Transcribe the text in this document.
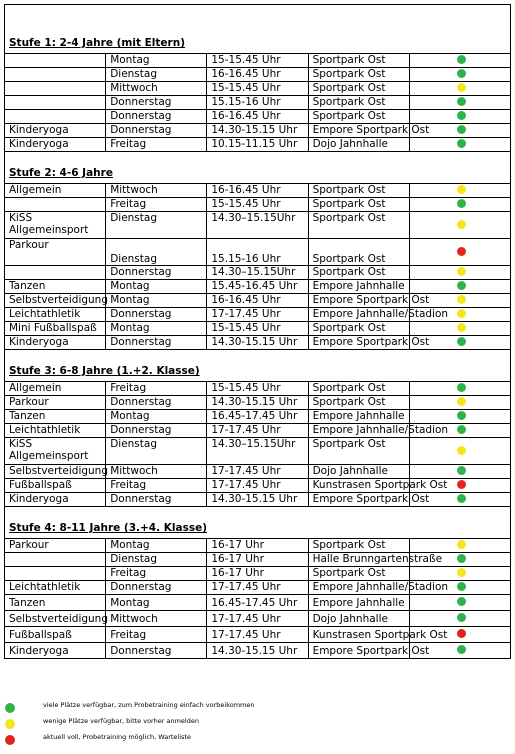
Stufe 1: 2-4 Jahre (mit Eltern)				

	Montag	15-15.45 Uhr	Sportpark Ost	
	Dienstag	16-16.45 Uhr	Sportpark Ost	
	Mittwoch	15-15.45 Uhr	Sportpark Ost	
	Donnerstag	15.15-16 Uhr	Sportpark Ost	
	Donnerstag	16-16.45 Uhr	Sportpark Ost	
Kinderyoga	Donnerstag	14.30-15.15 Uhr	Empore Sportpark Ost	
Kinderyoga	Freitag	10.15-11.15 Uhr	Dojo Jahnhalle	

Stufe 2: 4-6 Jahre				

Allgemein	Mittwoch	16-16.45 Uhr	Sportpark Ost	
	Freitag	15-15.45 Uhr	Sportpark Ost	
KiSS Allgemeinsport	Dienstag	14.30–15.15Uhr	Sportpark Ost	
Parkour	Dienstag	15.15-16 Uhr	Sportpark Ost	
	Donnerstag	14.30–15.15Uhr	Sportpark Ost	
Tanzen	Montag	15.45-16.45 Uhr	Empore Jahnhalle	
Selbstverteidigung	Montag	16-16.45 Uhr	Empore Sportpark Ost	
Leichtathletik	Donnerstag	17-17.45 Uhr	Empore Jahnhalle/Stadion	
Mini Fußballspaß	Montag	15-15.45 Uhr	Sportpark Ost	
Kinderyoga	Donnerstag	14.30-15.15 Uhr	Empore Sportpark Ost	

Stufe 3: 6-8 Jahre (1.+2. Klasse)				

Allgemein	Freitag	15-15.45 Uhr	Sportpark Ost	
Parkour	Donnerstag	14.30-15.15 Uhr	Sportpark Ost	
Tanzen	Montag	16.45-17.45 Uhr	Empore Jahnhalle	
Leichtathletik	Donnerstag	17-17.45 Uhr	Empore Jahnhalle/Stadion	
KiSS Allgemeinsport	Dienstag	14.30–15.15Uhr	Sportpark Ost	
Selbstverteidigung	Mittwoch	17-17.45 Uhr	Dojo Jahnhalle	
Fußballspaß	Freitag	17-17.45 Uhr	Kunstrasen Sportpark Ost	
Kinderyoga	Donnerstag	14.30-15.15 Uhr	Empore Sportpark Ost	

Stufe 4: 8-11 Jahre (3.+4. Klasse)				

Parkour	Montag	16-17 Uhr	Sportpark Ost	
	Dienstag	16-17 Uhr	Halle Brunngartenstraße	
	Freitag	16-17 Uhr	Sportpark Ost	
Leichtathletik	Donnerstag	17-17.45 Uhr	Empore Jahnhalle/Stadion	
Tanzen	Montag	16.45-17.45 Uhr	Empore Jahnhalle	
Selbstverteidigung	Mittwoch	17-17.45 Uhr	Dojo Jahnhalle	
Fußballspaß	Freitag	17-17.45 Uhr	Kunstrasen Sportpark Ost	
Kinderyoga	Donnerstag	14.30-15.15 Uhr	Empore Sportpark Ost	
viele Plätze verfügbar, zum Probetraining einfach vorbeikommen
wenige Plätze verfügbar, bitte vorher anmelden
aktuell voll, Probetraining möglich, Warteliste
